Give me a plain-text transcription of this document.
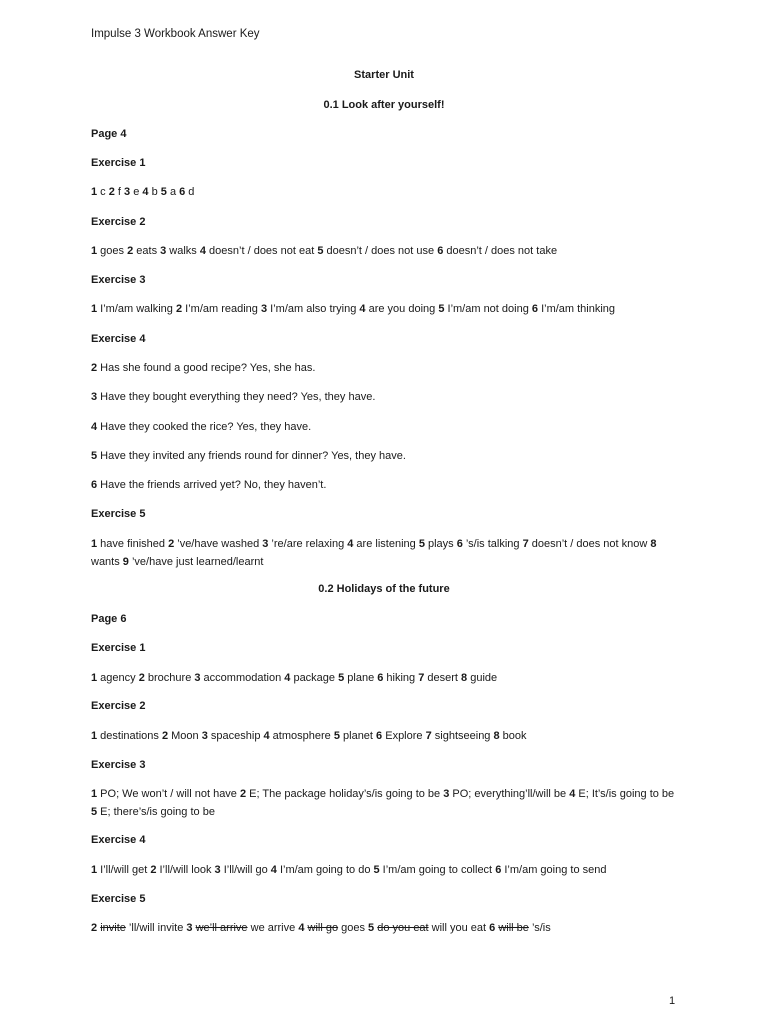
Impulse 3 Workbook Answer Key
Starter Unit
0.1 Look after yourself!
Page 4
Exercise 1
1 c 2 f 3 e 4 b 5 a 6 d
Exercise 2
1 goes 2 eats 3 walks 4 doesn’t / does not eat 5 doesn’t / does not use 6 doesn’t / does not take
Exercise 3
1 I’m/am walking 2 I’m/am reading 3 I’m/am also trying 4 are you doing 5 I’m/am not doing 6 I’m/am thinking
Exercise 4
2 Has she found a good recipe? Yes, she has.
3 Have they bought everything they need? Yes, they have.
4 Have they cooked the rice? Yes, they have.
5 Have they invited any friends round for dinner? Yes, they have.
6 Have the friends arrived yet? No, they haven’t.
Exercise 5
1 have finished 2 ’ve/have washed 3 ’re/are relaxing 4 are listening 5 plays 6 ’s/is talking 7 doesn’t / does not know 8 wants 9 ’ve/have just learned/learnt
0.2 Holidays of the future
Page 6
Exercise 1
1 agency 2 brochure 3 accommodation 4 package 5 plane 6 hiking 7 desert 8 guide
Exercise 2
1 destinations 2 Moon 3 spaceship 4 atmosphere 5 planet 6 Explore 7 sightseeing 8 book
Exercise 3
1 PO; We won’t / will not have 2 E; The package holiday’s/is going to be 3 PO; everything’ll/will be 4 E; It’s/is going to be 5 E; there’s/is going to be
Exercise 4
1 I’ll/will get 2 I’ll/will look 3 I’ll/will go 4 I’m/am going to do 5 I’m/am going to collect 6 I’m/am going to send
Exercise 5
2 invite ’ll/will invite 3 we’ll arrive we arrive 4 will go goes 5 do you eat will you eat 6 will be ’s/is
1
